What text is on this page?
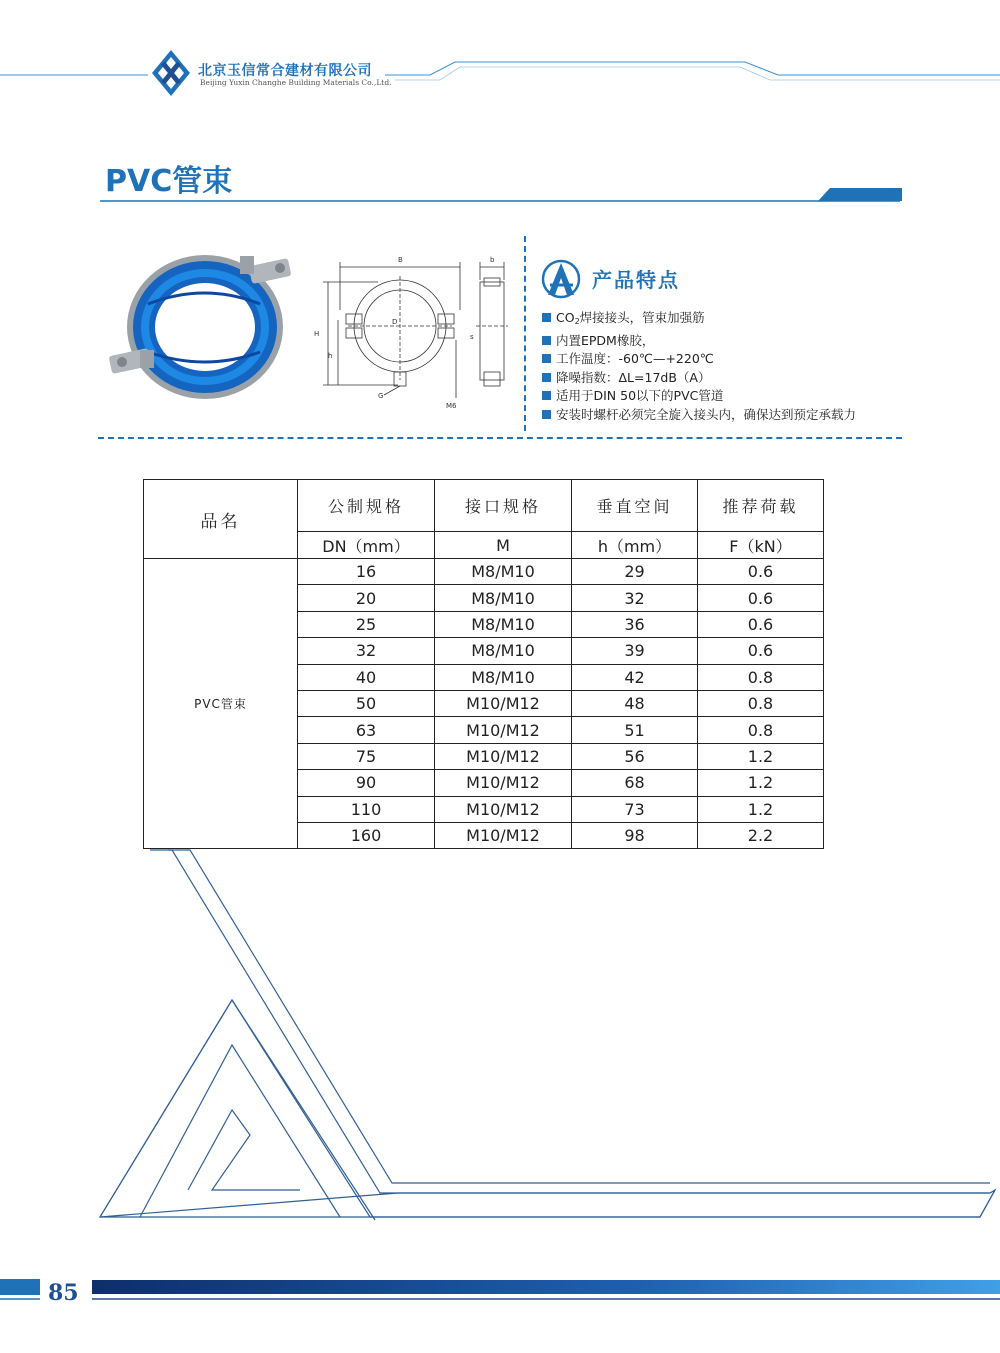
北京玉信常合建材有限公司
Beijing Yuxin Changhe Building Materials Co.,Ltd.
PVC管束
B	b
H
h
D
s
G
M6
产品特点
$CO_2$焊接接头，管束加强筋
内置EPDM橡胶，
工作温度：-60℃—+220℃
降噪指数：ΔL=17dB（A）
适用于DIN 50以下的PVC管道
安装时螺杆必须完全旋入接头内，确保达到预定承载力
品名	公制规格	接口规格	垂直空间	推荐荷载
	DN（mm）	M	h（mm）	F（kN）
PVC管束	16	M8/M10	29	0.6
	20	M8/M10	32	0.6
	25	M8/M10	36	0.6
	32	M8/M10	39	0.6
	40	M8/M10	42	0.8
	50	M10/M12	48	0.8
	63	M10/M12	51	0.8
	75	M10/M12	56	1.2
	90	M10/M12	68	1.2
	110	M10/M12	73	1.2
	160	M10/M12	98	2.2
85
